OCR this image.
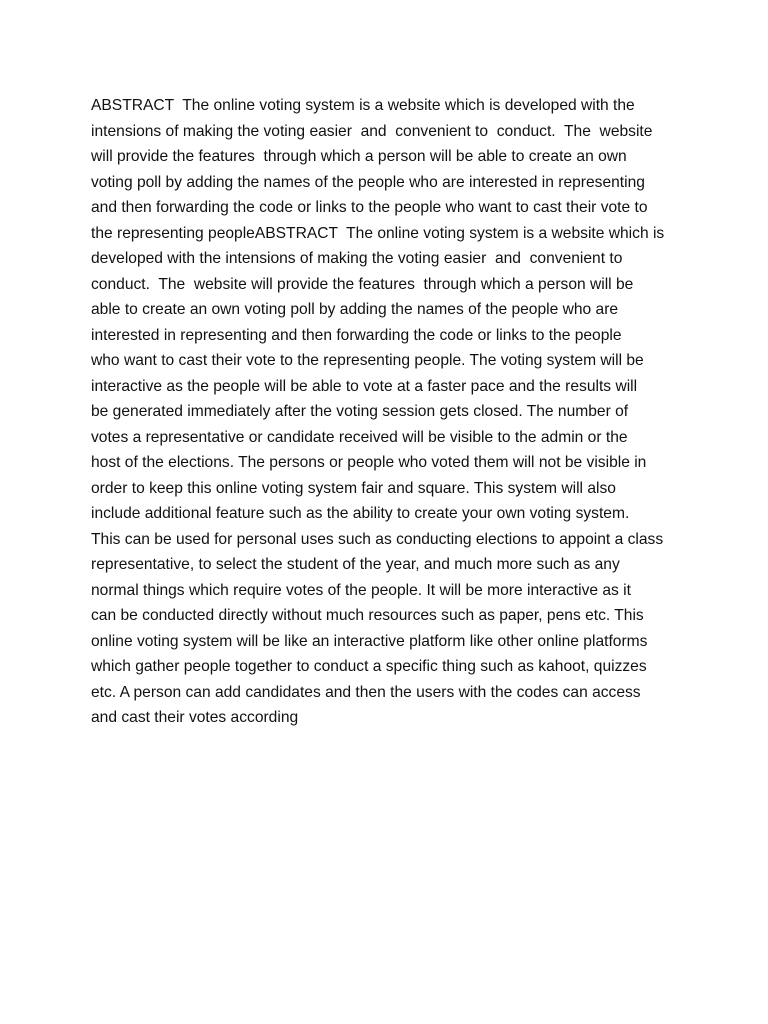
ABSTRACT  The online voting system is a website which is developed with the
intensions of making the voting easier  and  convenient to  conduct.  The  website
will provide the features  through which a person will be able to create an own
voting poll by adding the names of the people who are interested in representing
and then forwarding the code or links to the people who want to cast their vote to
the representing peopleABSTRACT  The online voting system is a website which is
developed with the intensions of making the voting easier  and  convenient to
conduct.  The  website will provide the features  through which a person will be
able to create an own voting poll by adding the names of the people who are
interested in representing and then forwarding the code or links to the people
who want to cast their vote to the representing people. The voting system will be
interactive as the people will be able to vote at a faster pace and the results will
be generated immediately after the voting session gets closed. The number of
votes a representative or candidate received will be visible to the admin or the
host of the elections. The persons or people who voted them will not be visible in
order to keep this online voting system fair and square. This system will also
include additional feature such as the ability to create your own voting system.
This can be used for personal uses such as conducting elections to appoint a class
representative, to select the student of the year, and much more such as any
normal things which require votes of the people. It will be more interactive as it
can be conducted directly without much resources such as paper, pens etc. This
online voting system will be like an interactive platform like other online platforms
which gather people together to conduct a specific thing such as kahoot, quizzes
etc. A person can add candidates and then the users with the codes can access
and cast their votes according
